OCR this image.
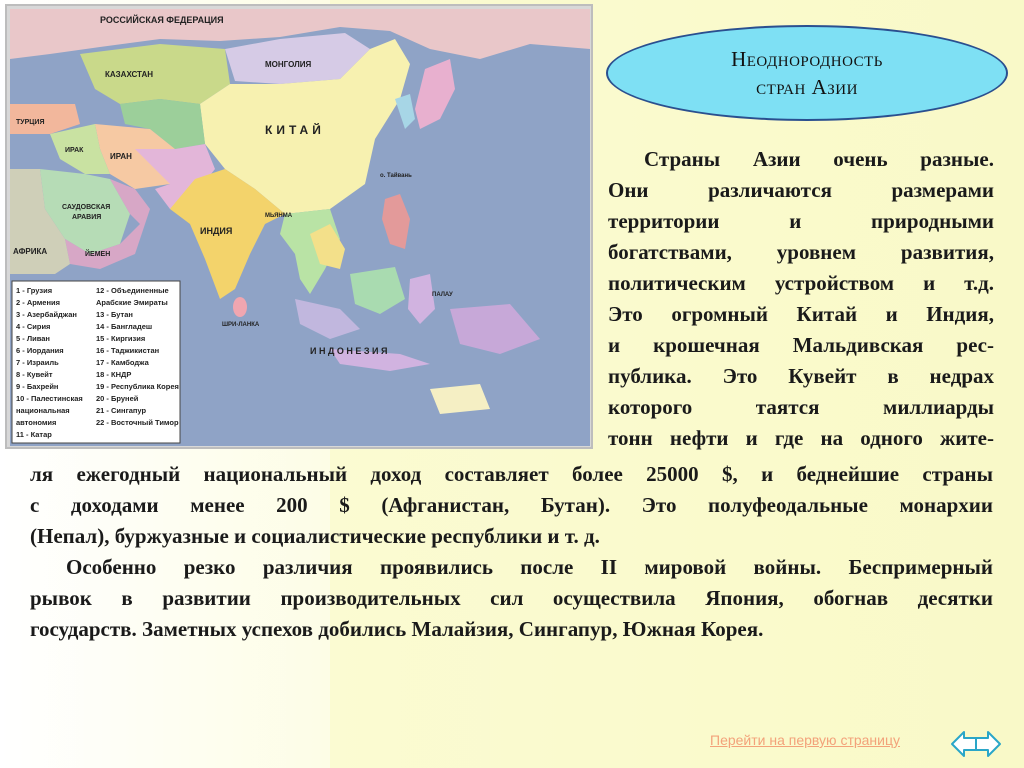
РОССИЙСКАЯ ФЕДЕРАЦИЯ
КАЗАХСТАН
МОНГОЛИЯ
КИТАЙ
ИРАН
ИРАК
ТУРЦИЯ
САУДОВСКАЯ
АРАВИЯ
ИНДИЯ
АФРИКА	ЙЕМЕН
И Н Д О Н Е З И Я
ПАЛАУ
ШРИ-ЛАНКА
МЬЯНМА
о. Тайвань
1 - Грузия
2 - Армения
3 - Азербайджан
4 - Сирия
5 - Ливан
6 - Иордания
7 - Израиль
8 - Кувейт
9 - Бахрейн
10 - Палестинская
национальная
автономия
11 - Катар
12 - Объединенные
Арабские Эмираты
13 - Бутан
14 - Бангладеш
15 - Киргизия
16 - Таджикистан
17 - Камбоджа
18 - КНДР
19 - Республика Корея
20 - Бруней
21 - Сингапур
22 - Восточный Тимор
Неоднородность
стран Азии
Страны Азии очень разные.
Они различаются размерами
территории и природными
богатствами, уровнем развития,
политическим устройством и т.д.
Это огромный Китай и Индия,
и крошечная Мальдивская рес-
публика. Это Кувейт в недрах
которого таятся миллиарды
тонн нефти и где на одного жите-
ля ежегодный национальный доход составляет более 25000 $, и беднейшие страны
с доходами менее 200 $ (Афганистан, Бутан). Это полуфеодальные монархии
(Непал), буржуазные и социалистические республики и т. д.
Особенно резко различия проявились после II мировой войны. Беспримерный
рывок в развитии производительных сил осуществила Япония, обогнав десятки
государств. Заметных успехов добились Малайзия, Сингапур, Южная Корея.
Перейти на первую страницу
